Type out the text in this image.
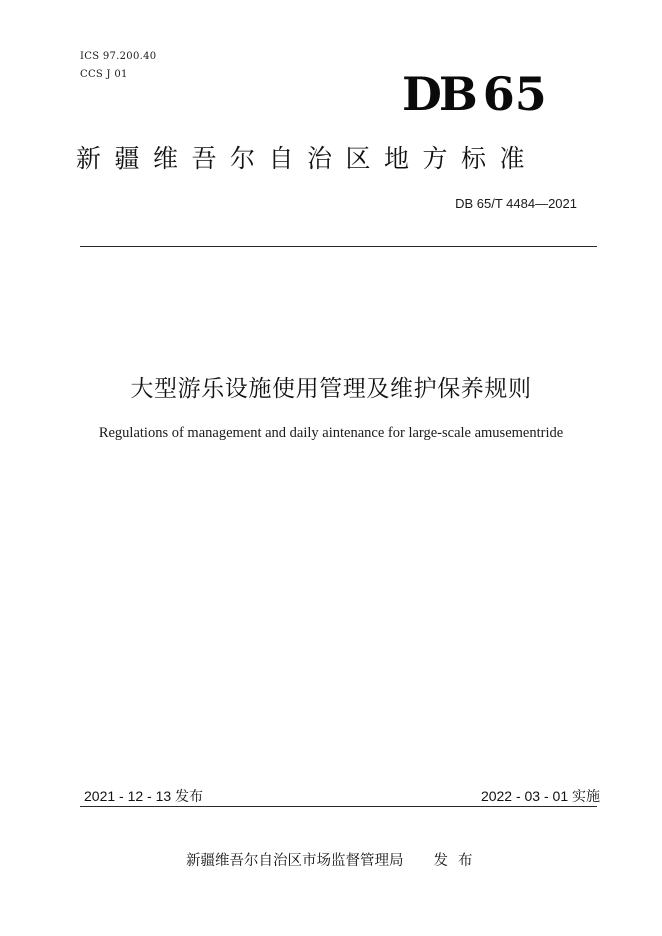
ICS 97.200.40
CCS J 01	DB 65
新疆维吾尔自治区地方标准
DB 65/T 4484—2021
大型游乐设施使用管理及维护保养规则
Regulations of management and daily aintenance for large-scale amusementride
2021 - 12 - 13 发布	2022 - 03 - 01 实施
新疆维吾尔自治区市场监督管理局 发布
